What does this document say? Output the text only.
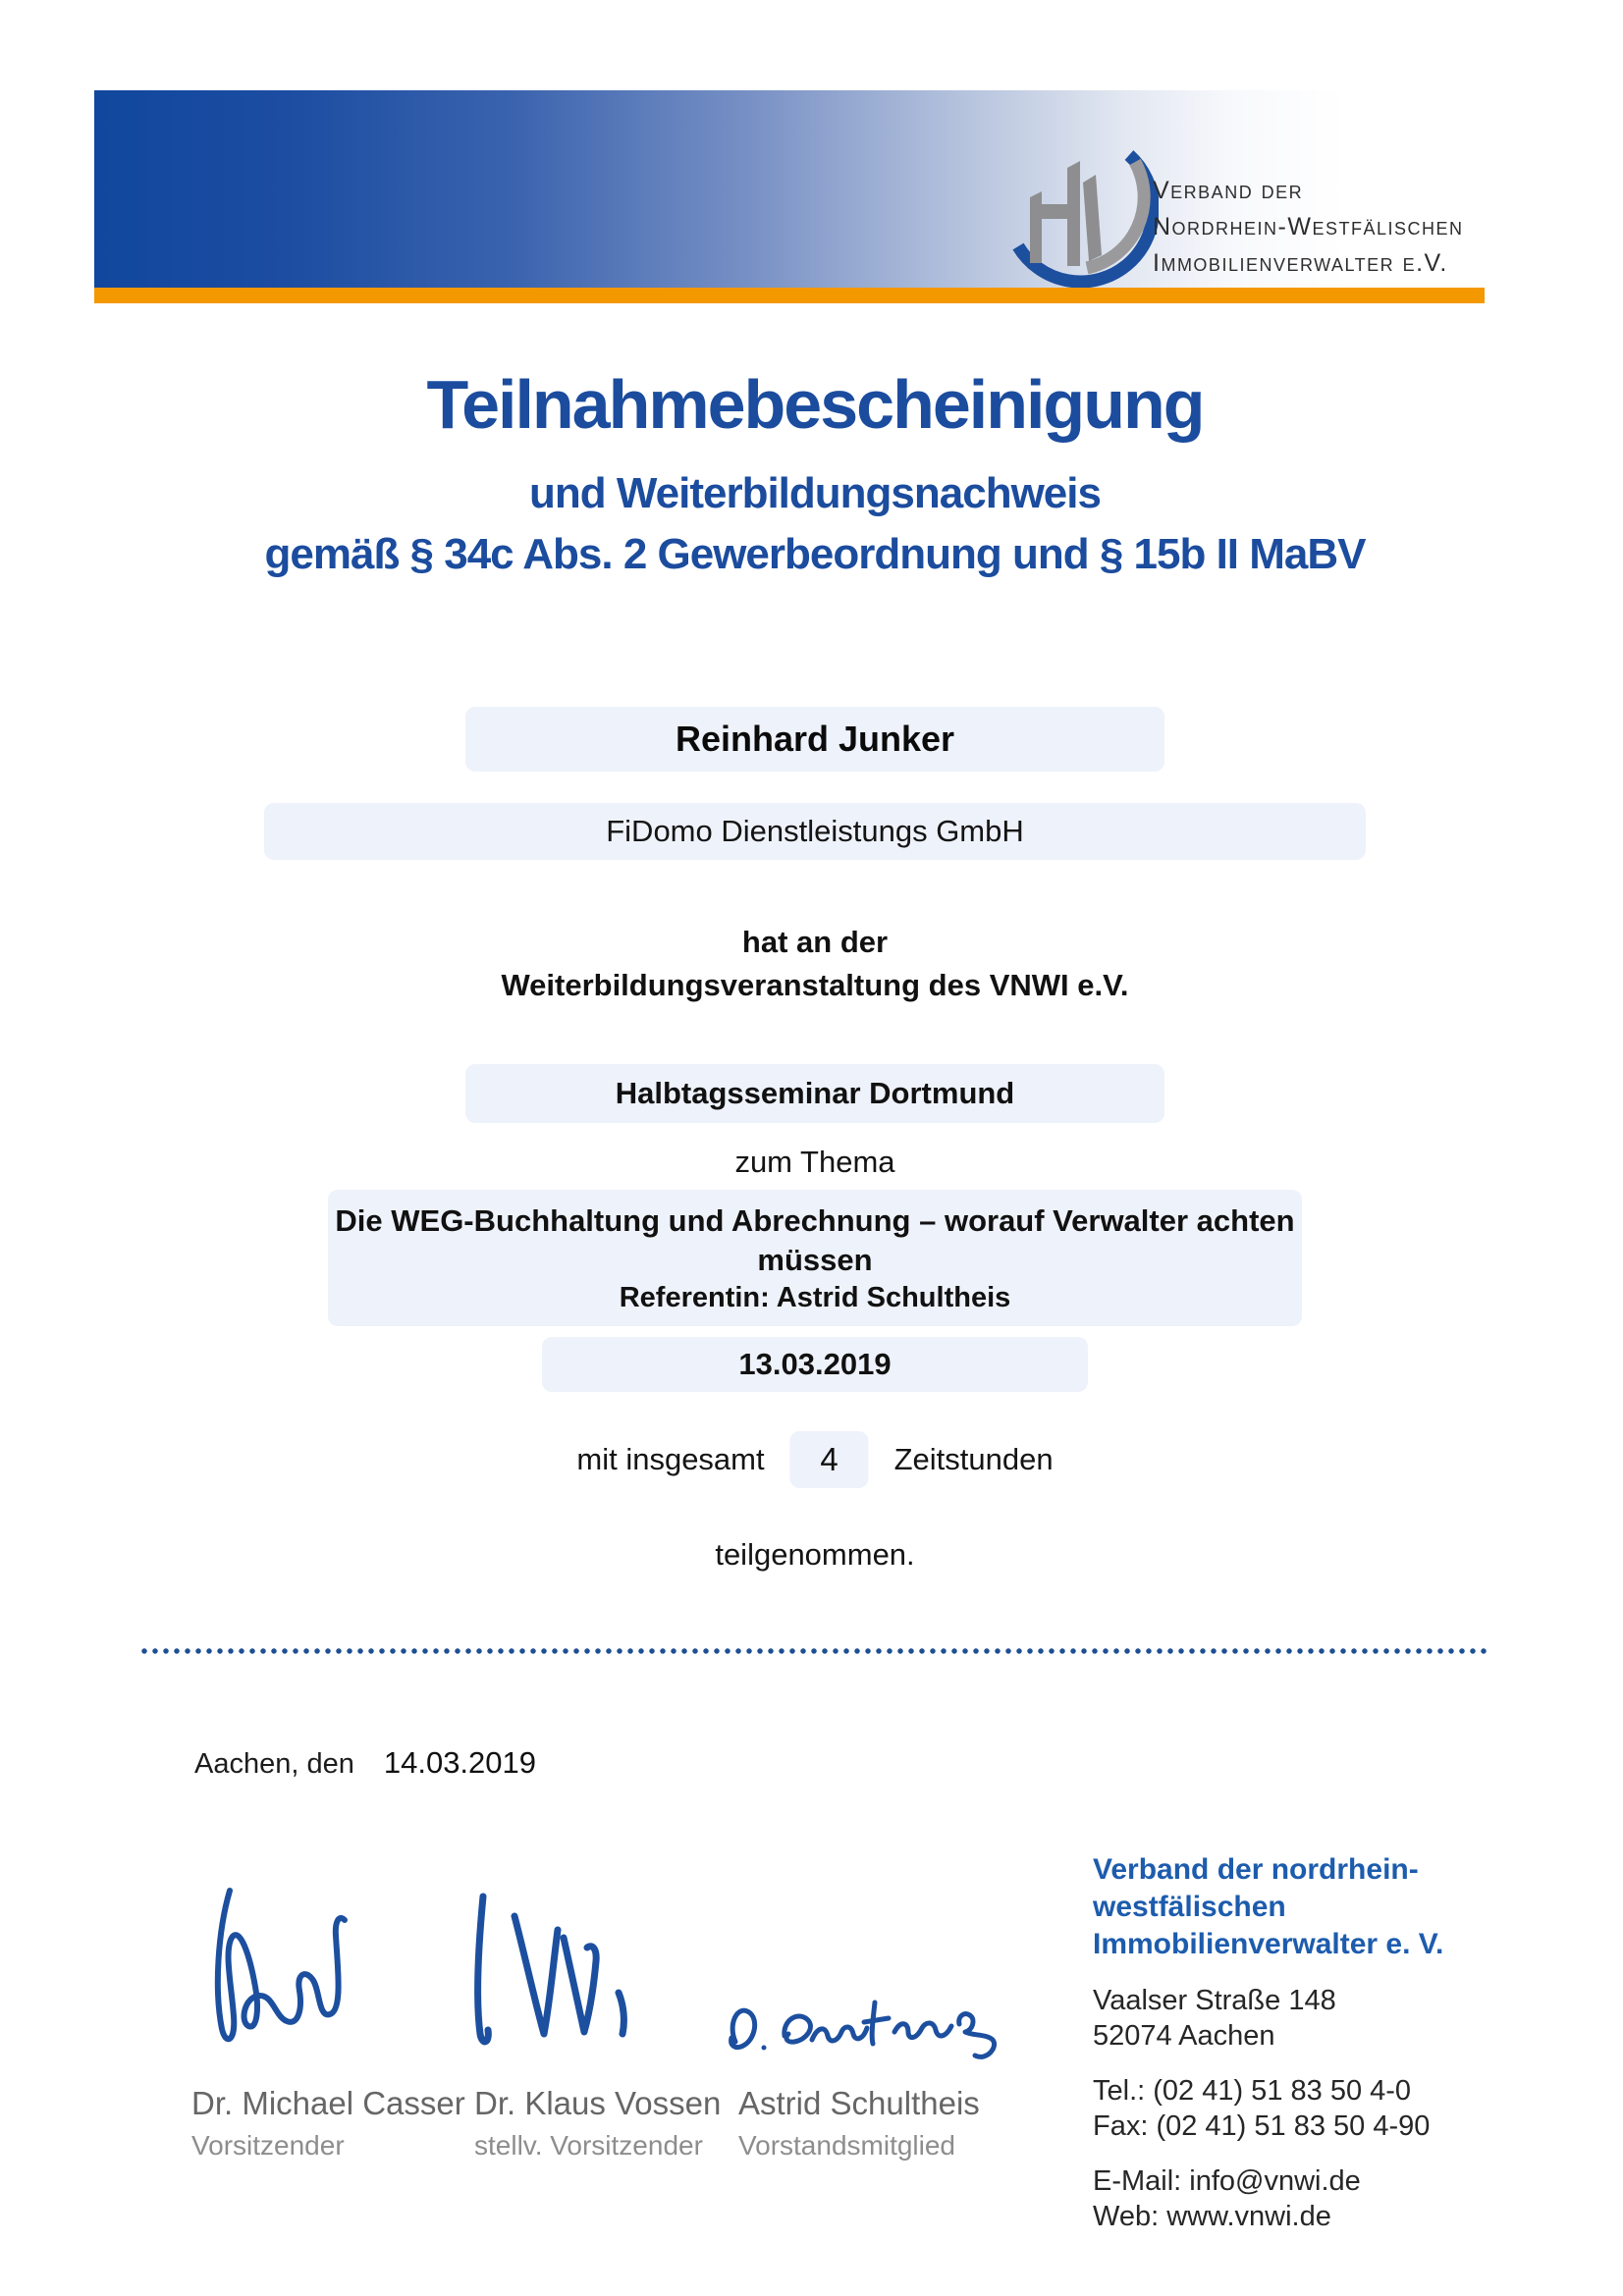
Verband der
Nordrhein-Westfälischen
Immobilienverwalter e.V.
Teilnahmebescheinigung
und Weiterbildungsnachweis
gemäß § 34c Abs. 2 Gewerbeordnung und § 15b II MaBV
Reinhard Junker
FiDomo Dienstleistungs GmbH
hat an der
Weiterbildungsveranstaltung des VNWI e.V.
Halbtagsseminar Dortmund
zum Thema
Die WEG-Buchhaltung und Abrechnung – worauf Verwalter achten müssen
Referentin: Astrid Schultheis
13.03.2019
mit insgesamt	4	Zeitstunden
teilgenommen.
Aachen, den 14.03.2019
Dr. Michael Casser
Vorsitzender
Dr. Klaus Vossen
stellv. Vorsitzender
Astrid Schultheis
Vorstandsmitglied
Verband der nordrhein-westfälischen
Immobilienverwalter e. V.
Vaalser Straße 148
52074 Aachen
Tel.: (02 41) 51 83 50 4-0
Fax: (02 41) 51 83 50 4-90
E-Mail: info@vnwi.de
Web: www.vnwi.de
